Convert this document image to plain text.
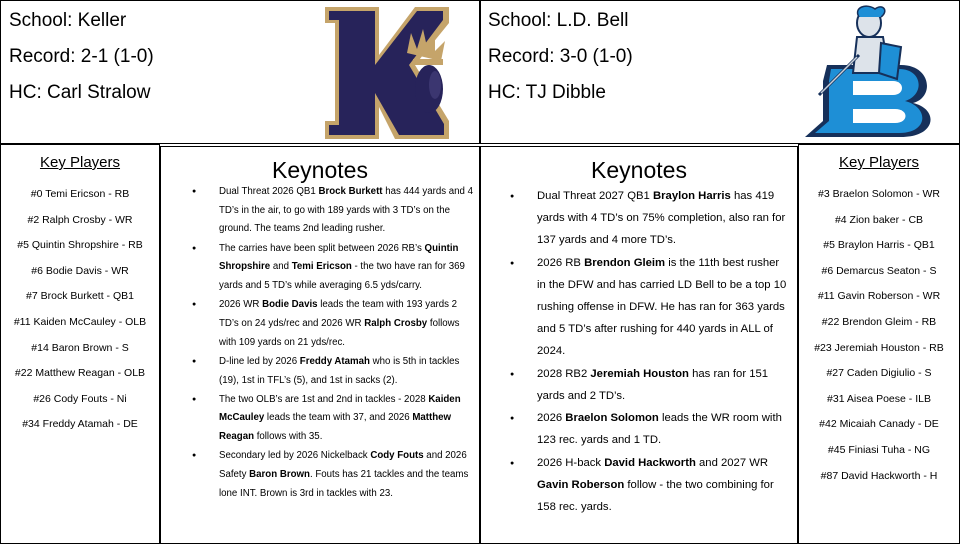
School: Keller
Record: 2-1 (1-0)
HC: Carl Stralow
School: L.D. Bell
Record: 3-0 (1-0)
HC: TJ Dibble
Key Players
#0 Temi Ericson - RB
#2 Ralph Crosby - WR
#5 Quintin Shropshire - RB
#6 Bodie Davis - WR
#7 Brock Burkett - QB1
#11 Kaiden McCauley - OLB
#14 Baron Brown - S
#22 Matthew Reagan - OLB
#26 Cody Fouts - Ni
#34 Freddy Atamah - DE
Keynotes
● Dual Threat 2026 QB1 Brock Burkett has 444 yards and 4 TD’s in the air, to go with 189 yards with 3 TD’s on the ground. The teams 2nd leading rusher.
● The carries have been split between 2026 RB’s Quintin Shropshire and Temi Ericson - the two have ran for 369 yards and 5 TD’s while averaging 6.5 yds/carry.
● 2026 WR Bodie Davis leads the team with 193 yards 2 TD’s on 24 yds/rec and 2026 WR Ralph Crosby follows with 109 yards on 21 yds/rec.
● D-line led by 2026 Freddy Atamah who is 5th in tackles (19), 1st in TFL’s (5), and 1st in sacks (2).
● The two OLB’s are 1st and 2nd in tackles - 2028 Kaiden McCauley leads the team with 37, and 2026 Matthew Reagan follows with 35.
● Secondary led by 2026 Nickelback Cody Fouts and 2026 Safety Baron Brown. Fouts has 21 tackles and the teams lone INT. Brown is 3rd in tackles with 23.
Keynotes
● Dual Threat 2027 QB1 Braylon Harris has 419 yards with 4 TD’s on 75% completion, also ran for 137 yards and 4 more TD’s.
● 2026 RB Brendon Gleim is the 11th best rusher in the DFW and has carried LD Bell to be a top 10 rushing offense in DFW. He has ran for 363 yards and 5 TD’s after rushing for 440 yards in ALL of 2024.
● 2028 RB2 Jeremiah Houston has ran for 151 yards and 2 TD’s.
● 2026 Braelon Solomon leads the WR room with 123 rec. yards and 1 TD.
● 2026 H-back David Hackworth and 2027 WR Gavin Roberson follow - the two combining for 158 rec. yards.
Key Players
#3 Braelon Solomon - WR
#4 Zion baker - CB
#5 Braylon Harris - QB1
#6 Demarcus Seaton - S
#11 Gavin Roberson - WR
#22 Brendon Gleim - RB
#23 Jeremiah Houston - RB
#27 Caden Digiulio - S
#31 Aisea Poese - ILB
#42 Micaiah Canady - DE
#45 Finiasi Tuha - NG
#87 David Hackworth - H
